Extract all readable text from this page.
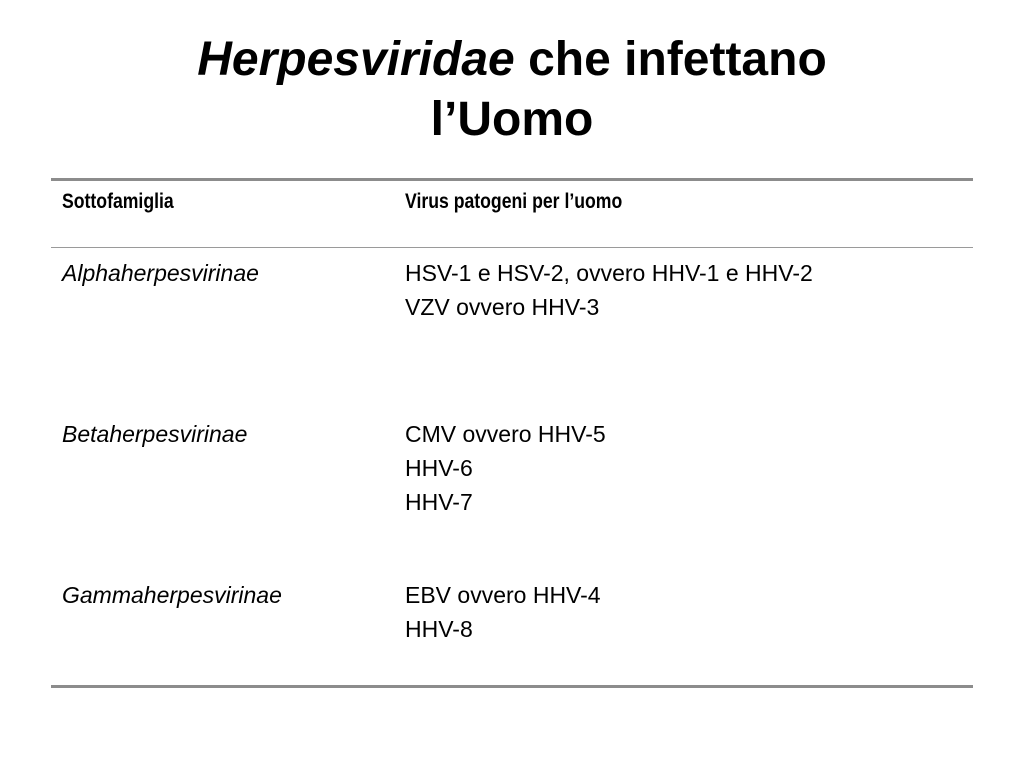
Herpesviridae che infettano
l’Uomo
Sottofamiglia	Virus patogeni per l’uomo
Alphaherpesvirinae	HSV-1 e HSV-2, ovvero HHV-1 e HHV-2
VZV ovvero HHV-3
Betaherpesvirinae	CMV ovvero HHV-5
HHV-6
HHV-7
Gammaherpesvirinae	EBV ovvero HHV-4
HHV-8
